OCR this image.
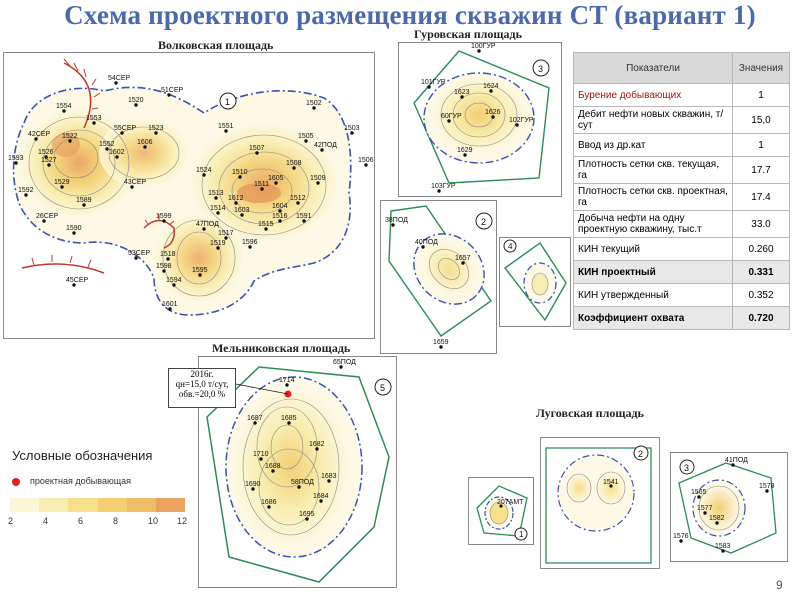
Схема проектного размещения скважин СТ (вариант 1)
Волковская площадь
Гуровская площадь
Мельниковская площадь
Луговская площадь
1
54СЕР
1554
1520
51СЕР
1502
1553
1522
55СЕР 1523	1551
42СЕР
1606
1507
1505
42ПОД
1503
1593
1526
1552
1602
1508	1506
1527
43СЕР
1524	1510
1605
1529
1592
1511
1509
1513
1612
1604
1512
1589
1591
26СЕР
47ПОД
1603
1515
1590
1599
1517
1596
53СЕР 1518
1519
1598
1595
45СЕР	1594
1601
1516
1514
3
100ГУР
101ГУР
1624
1623
60ГУР
1626
102ГУР
1629
103ГУР
2
38ПОД
40ПОД
1657
1659
4
Показатели	Значения
Бурение добывающих	1
Дебит нефти новых скважин, т/сут	15,0
Ввод из др.кат	1
Плотность сетки скв. текущая, га	17.7
Плотность сетки скв. проектная, га	17.4
Добыча нефти на одну проектную скважину, тыс.т	33.0
КИН текущий	0.260
КИН проектный	0.331
КИН утвержденный	0.352
Коэффициент охвата	0.720
5
65ПОД
1714
1687	1685
1682
1710
1688
1683
1690	58ПОД
1684
1686
1695
2016г.
qн=15,0 т/сут,
обв.=20,0 %
207АМТ
1
1541
2
3
41ПОД
1565
1578
1577
1582
1576
1583
Условные обозначения
проектная добывающая
2	4	6	8	10 12
9
